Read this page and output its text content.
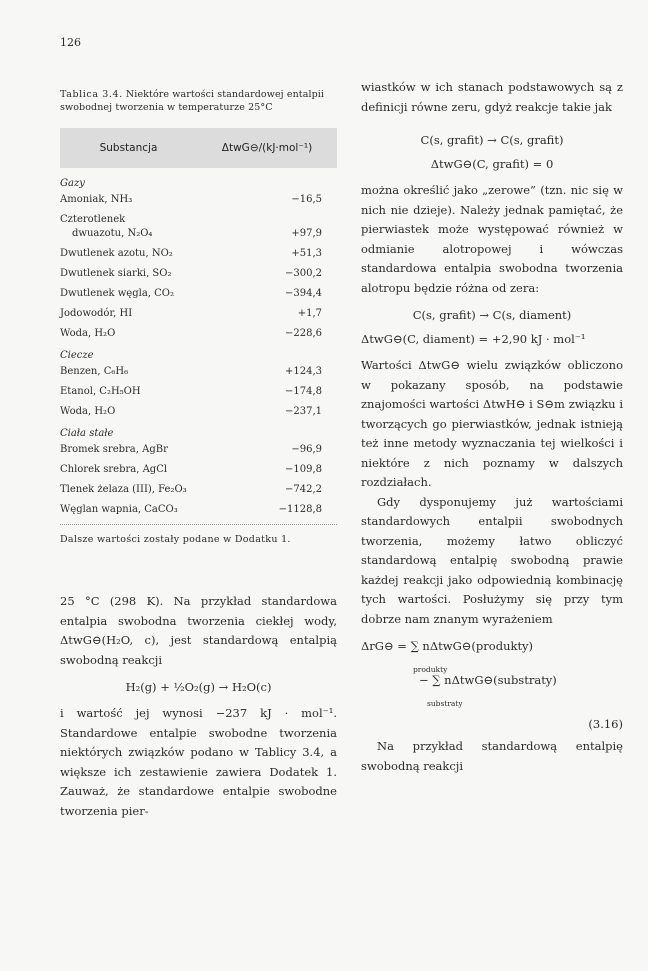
126
Tablica 3.4. Niektóre wartości standardowej entalpii swobodnej tworzenia w temperaturze 25°C
Substancja	ΔtwG⊖/(kJ·mol⁻¹)
Gazy
Amoniak, NH₃	−16,5
Czterotlenek
dwuazotu, N₂O₄	+97,9
Dwutlenek azotu, NO₂	+51,3
Dwutlenek siarki, SO₂	−300,2
Dwutlenek węgla, CO₂	−394,4
Jodowodór, HI	+1,7
Woda, H₂O	−228,6
Ciecze
Benzen, C₆H₆	+124,3
Etanol, C₂H₅OH	−174,8
Woda, H₂O	−237,1
Ciała stałe
Bromek srebra, AgBr	−96,9
Chlorek srebra, AgCl	−109,8
Tlenek żelaza (III), Fe₂O₃	−742,2
Węglan wapnia, CaCO₃	−1128,8
Dalsze wartości zostały podane w Dodatku 1.
25 °C (298 K). Na przykład standardowa entalpia swobodna tworzenia ciekłej wody, ΔtwG⊖(H₂O, c), jest standardową entalpią swobodną reakcji
H₂(g) + ½O₂(g) → H₂O(c)
i wartość jej wynosi −237 kJ · mol⁻¹. Standardowe entalpie swobodne tworzenia niektórych związków podano w Tablicy 3.4, a większe ich zestawienie zawiera Dodatek 1. Zauważ, że standardowe entalpie swobodne tworzenia pier-
wiastków w ich stanach podstawowych są z definicji równe zeru, gdyż reakcje takie jak
C(s, grafit) → C(s, grafit)
ΔtwG⊖(C, grafit) = 0
można określić jako „zerowe” (tzn. nic się w nich nie dzieje). Należy jednak pamiętać, że pierwiastek może występować również w odmianie alotropowej i wówczas standardowa entalpia swobodna tworzenia alotropu będzie różna od zera:
C(s, grafit) → C(s, diament)
ΔtwG⊖(C, diament) = +2,90 kJ · mol⁻¹
Wartości ΔtwG⊖ wielu związków obliczono w pokazany sposób, na podstawie znajomości wartości ΔtwH⊖ i S⊖m związku i tworzących go pierwiastków, jednak istnieją też inne metody wyznaczania tej wielkości i niektóre z nich poznamy w dalszych rozdziałach.
Gdy dysponujemy już wartościami standardowych entalpii swobodnych tworzenia, możemy łatwo obliczyć standardową entalpię swobodną prawie każdej reakcji jako odpowiednią kombinację tych wartości. Posłużymy się przy tym dobrze nam znanym wyrażeniem
ΔrG⊖ = ∑ nΔtwG⊖(produkty)
produkty
− ∑ nΔtwG⊖(substraty)
substraty
(3.16)
Na przykład standardową entalpię swobodną reakcji
